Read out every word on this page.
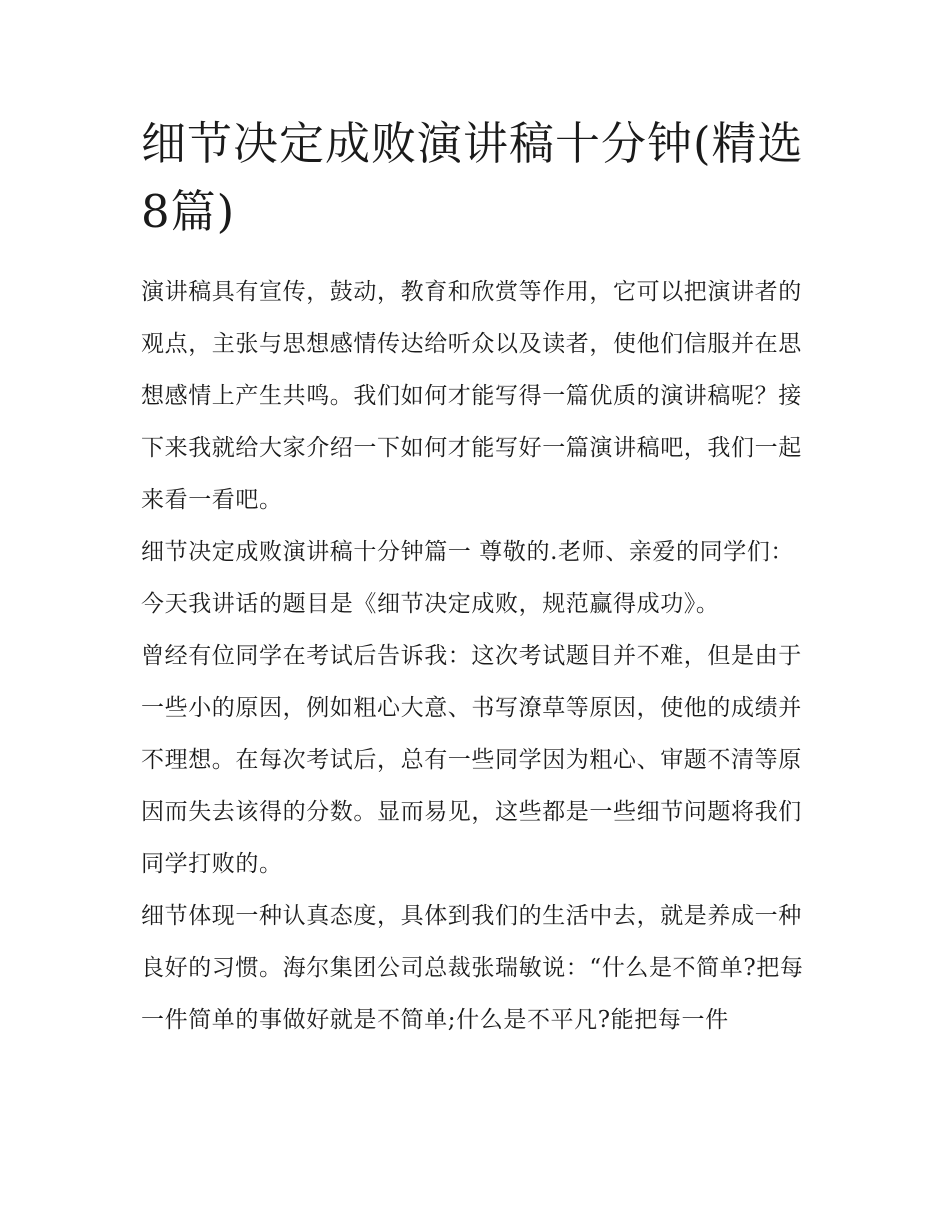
细节决定成败演讲稿十分钟(精选8篇)

演讲稿具有宣传，鼓动，教育和欣赏等作用，它可以把演讲者的观点，主张与思想感情传达给听众以及读者，使他们信服并在思想感情上产生共鸣。我们如何才能写得一篇优质的演讲稿呢？接下来我就给大家介绍一下如何才能写好一篇演讲稿吧，我们一起来看一看吧。

细节决定成败演讲稿十分钟篇一 尊敬的.老师、亲爱的同学们： 今天我讲话的题目是《细节决定成败，规范赢得成功》。

曾经有位同学在考试后告诉我：这次考试题目并不难，但是由于一些小的原因，例如粗心大意、书写潦草等原因，使他的成绩并不理想。在每次考试后，总有一些同学因为粗心、审题不清等原因而失去该得的分数。显而易见，这些都是一些细节问题将我们同学打败的。

细节体现一种认真态度，具体到我们的生活中去，就是养成一种良好的习惯。海尔集团公司总裁张瑞敏说：“什么是不简单?把每一件简单的事做好就是不简单;什么是不平凡?能把每一件
